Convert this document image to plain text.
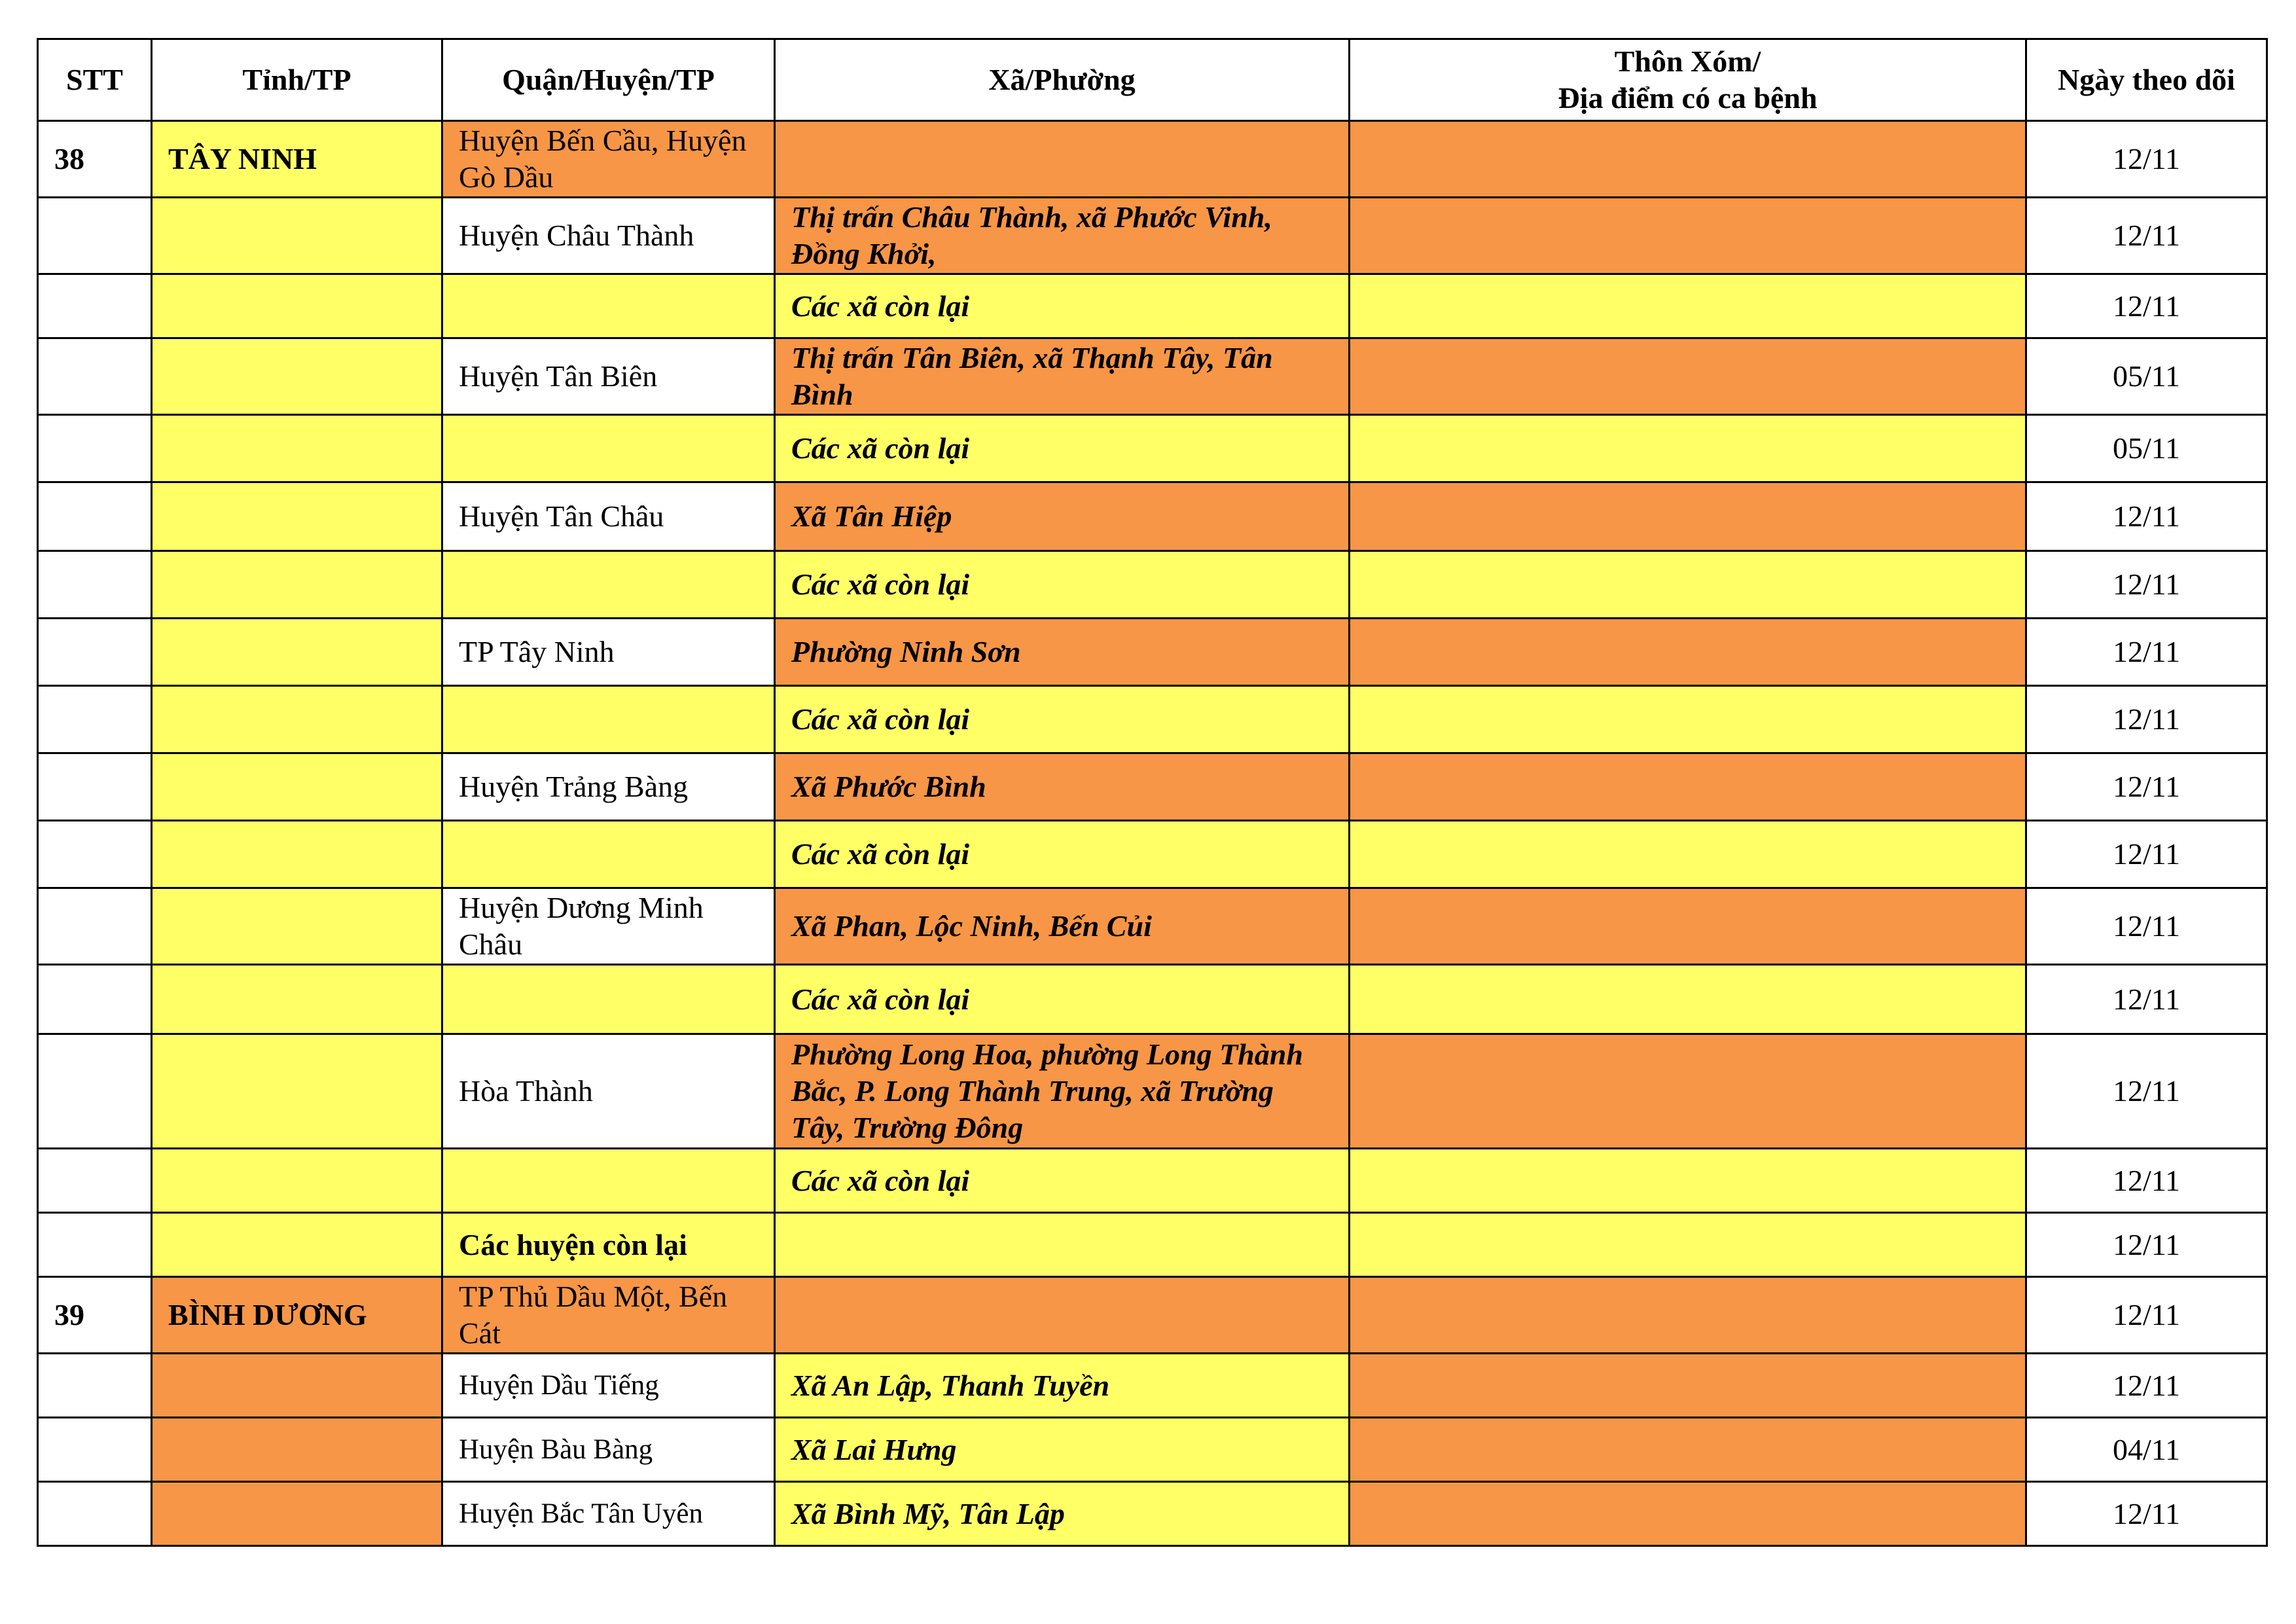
STT	Tỉnh/TP	Quận/Huyện/TP	Xã/Phường	Thôn Xóm/
Địa điểm có ca bệnh	Ngày theo dõi
38	TÂY NINH	Huyện Bến Cầu, Huyện Gò Dầu			12/11
		Huyện Châu Thành	Thị trấn Châu Thành, xã Phước Vinh, Đồng Khởi,		12/11
			Các xã còn lại		12/11
		Huyện Tân Biên	Thị trấn Tân Biên, xã Thạnh Tây, Tân Bình		05/11
			Các xã còn lại		05/11
		Huyện Tân Châu	Xã Tân Hiệp		12/11
			Các xã còn lại		12/11
		TP Tây Ninh	Phường Ninh Sơn		12/11
			Các xã còn lại		12/11
		Huyện Trảng Bàng	Xã Phước Bình		12/11
			Các xã còn lại		12/11
		Huyện Dương Minh Châu	Xã Phan, Lộc Ninh, Bến Củi		12/11
			Các xã còn lại		12/11
		Hòa Thành	Phường Long Hoa, phường Long Thành Bắc, P. Long Thành Trung, xã Trường Tây, Trường Đông		12/11
			Các xã còn lại		12/11
		Các huyện còn lại			12/11
39	BÌNH DƯƠNG	TP Thủ Dầu Một, Bến Cát			12/11
		Huyện Dầu Tiếng	Xã An Lập, Thanh Tuyền		12/11
		Huyện Bàu Bàng	Xã Lai Hưng		04/11
		Huyện Bắc Tân Uyên	Xã Bình Mỹ, Tân Lập		12/11
